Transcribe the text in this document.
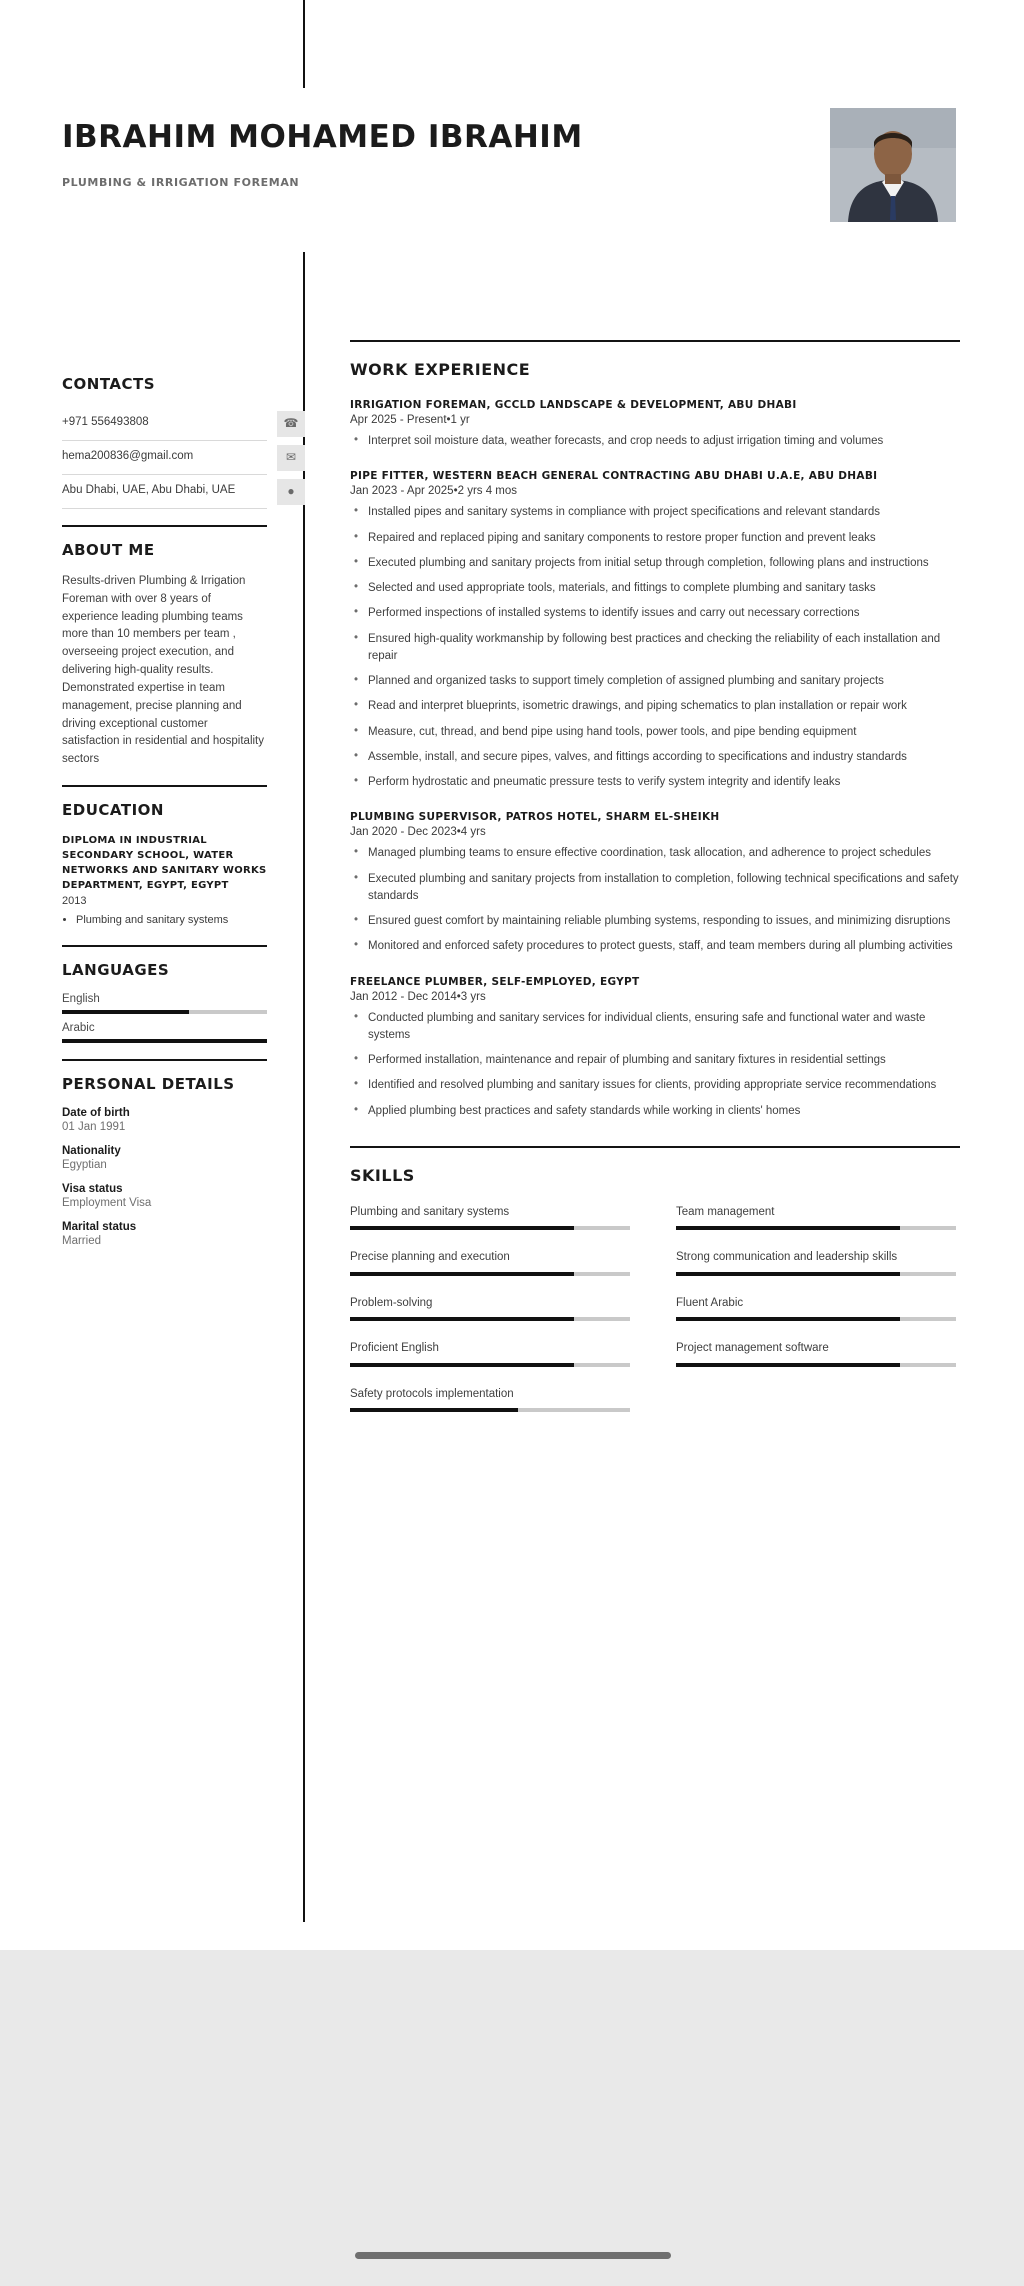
IBRAHIM MOHAMED IBRAHIM
PLUMBING & IRRIGATION FOREMAN
CONTACTS
+971 556493808	☎
hema200836@gmail.com	✉
Abu Dhabi, UAE, Abu Dhabi, UAE	●
ABOUT ME
Results-driven Plumbing & Irrigation Foreman with over 8 years of experience leading plumbing teams more than 10 members per team , overseeing project execution, and delivering high-quality results. Demonstrated expertise in team management, precise planning and driving exceptional customer satisfaction in residential and hospitality sectors
EDUCATION
DIPLOMA IN INDUSTRIAL SECONDARY SCHOOL, WATER NETWORKS AND SANITARY WORKS DEPARTMENT, EGYPT, EGYPT
2013
• Plumbing and sanitary systems
LANGUAGES
English
Arabic
PERSONAL DETAILS
Date of birth
01 Jan 1991
Nationality
Egyptian
Visa status
Employment Visa
Marital status
Married
WORK EXPERIENCE
IRRIGATION FOREMAN, GCCLD LANDSCAPE & DEVELOPMENT, ABU DHABI
Apr 2025 - Present•1 yr
• Interpret soil moisture data, weather forecasts, and crop needs to adjust irrigation timing and volumes
PIPE FITTER, WESTERN BEACH GENERAL CONTRACTING ABU DHABI U.A.E, ABU DHABI
Jan 2023 - Apr 2025•2 yrs 4 mos
• Installed pipes and sanitary systems in compliance with project specifications and relevant standards
• Repaired and replaced piping and sanitary components to restore proper function and prevent leaks
• Executed plumbing and sanitary projects from initial setup through completion, following plans and instructions
• Selected and used appropriate tools, materials, and fittings to complete plumbing and sanitary tasks
• Performed inspections of installed systems to identify issues and carry out necessary corrections
• Ensured high-quality workmanship by following best practices and checking the reliability of each installation and repair
• Planned and organized tasks to support timely completion of assigned plumbing and sanitary projects
• Read and interpret blueprints, isometric drawings, and piping schematics to plan installation or repair work
• Measure, cut, thread, and bend pipe using hand tools, power tools, and pipe bending equipment
• Assemble, install, and secure pipes, valves, and fittings according to specifications and industry standards
• Perform hydrostatic and pneumatic pressure tests to verify system integrity and identify leaks
PLUMBING SUPERVISOR, PATROS HOTEL, SHARM EL-SHEIKH
Jan 2020 - Dec 2023•4 yrs
• Managed plumbing teams to ensure effective coordination, task allocation, and adherence to project schedules
• Executed plumbing and sanitary projects from installation to completion, following technical specifications and safety standards
• Ensured guest comfort by maintaining reliable plumbing systems, responding to issues, and minimizing disruptions
• Monitored and enforced safety procedures to protect guests, staff, and team members during all plumbing activities
FREELANCE PLUMBER, SELF-EMPLOYED, EGYPT
Jan 2012 - Dec 2014•3 yrs
• Conducted plumbing and sanitary services for individual clients, ensuring safe and functional water and waste systems
• Performed installation, maintenance and repair of plumbing and sanitary fixtures in residential settings
• Identified and resolved plumbing and sanitary issues for clients, providing appropriate service recommendations
• Applied plumbing best practices and safety standards while working in clients' homes
SKILLS
Plumbing and sanitary systems
Precise planning and execution
Problem-solving
Proficient English
Safety protocols implementation
Team management
Strong communication and leadership skills
Fluent Arabic
Project management software
